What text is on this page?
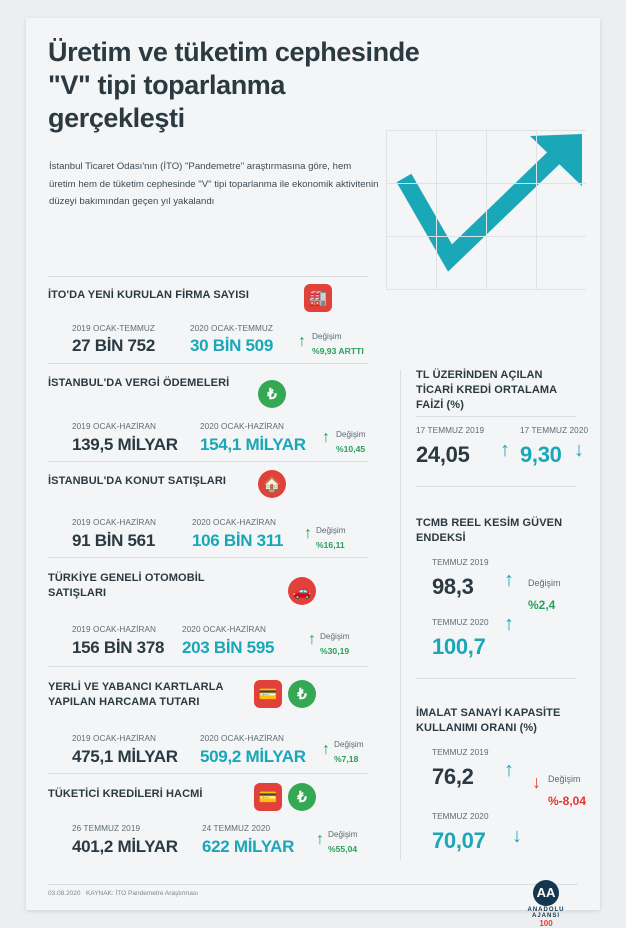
Üretim ve tüketim cephesinde
"V" tipi toparlanma
gerçekleşti
İstanbul Ticaret Odası'nın (İTO) "Pandemetre" araştırmasına göre, hem üretim hem de tüketim cephesinde "V" tipi toparlanma ile ekonomik aktivitenin düzeyi bakımından geçen yıl yakalandı
İTO'DA YENİ KURULAN FİRMA SAYISI	🏭
2019 OCAK-TEMMUZ
27 BİN 752
2020 OCAK-TEMMUZ
30 BİN 509 ↑ Değişim
%9,93 ARTTI
İSTANBUL'DA VERGİ ÖDEMELERİ
₺
2019 OCAK-HAZİRAN
139,5 MİLYAR
2020 OCAK-HAZİRAN
154,1 MİLYAR ↑ Değişim
%10,45
İSTANBUL'DA KONUT SATIŞLARI	🏠
2019 OCAK-HAZİRAN
91 BİN 561
2020 OCAK-HAZİRAN
106 BİN 311 ↑ Değişim
%16,11
TÜRKİYE GENELİ OTOMOBİL SATIŞLARI	🚗
2019 OCAK-HAZİRAN
156 BİN 378
2020 OCAK-HAZİRAN
203 BİN 595 ↑ Değişim
%30,19
YERLİ VE YABANCI KARTLARLA YAPILAN HARCAMA TUTARI	💳	₺
2019 OCAK-HAZİRAN
475,1 MİLYAR
2020 OCAK-HAZİRAN
509,2 MİLYAR ↑ Değişim
%7,18
TÜKETİCİ KREDİLERİ HACMİ	💳	₺
26 TEMMUZ 2019
401,2 MİLYAR
24 TEMMUZ 2020
622 MİLYAR ↑ Değişim
%55,04
TL ÜZERİNDEN AÇILAN TİCARİ KREDİ ORTALAMA FAİZİ (%)
17 TEMMUZ 2019
24,05 ↑
17 TEMMUZ 2020
9,30 ↓
TCMB REEL KESİM GÜVEN ENDEKSİ
TEMMUZ 2019
98,3 ↑
TEMMUZ 2020
100,7
↑
Değişim
%2,4
İMALAT SANAYİ KAPASİTE KULLANIMI ORANI (%)
TEMMUZ 2019
76,2 ↑
TEMMUZ 2020
70,07 ↓
↓ Değişim
%-8,04
03.08.2020 KAYNAK: İTO Pandemetre Araştırması	AA
ANADOLU AJANSI
100
